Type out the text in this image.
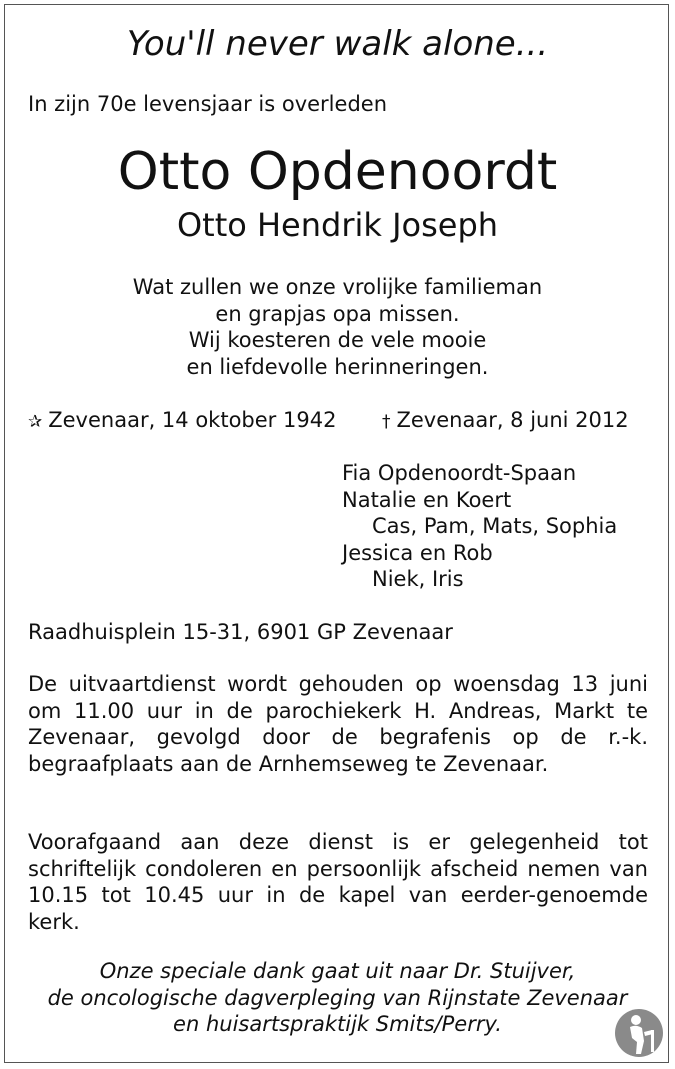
You'll never walk alone...
In zijn 70e levensjaar is overleden
Otto Opdenoordt
Otto Hendrik Joseph
Wat zullen we onze vrolijke familieman
en grapjas opa missen.
Wij koesteren de vele mooie
en liefdevolle herinneringen.
✰ Zevenaar, 14 oktober 1942	† Zevenaar, 8 juni 2012
Fia Opdenoordt-Spaan
Natalie en Koert
Cas, Pam, Mats, Sophia
Jessica en Rob
Niek, Iris
Raadhuisplein 15-31, 6901 GP Zevenaar
De uitvaartdienst wordt gehouden op woensdag 13 juni om 11.00 uur in de parochiekerk H. Andreas, Markt te Zevenaar, gevolgd door de begrafenis op de r.-k. begraafplaats aan de Arnhemseweg te Zevenaar.
Voorafgaand aan deze dienst is er gelegenheid tot schriftelijk condoleren en persoonlijk afscheid nemen van 10.15 tot 10.45 uur in de kapel van eerder-genoemde kerk.
Onze speciale dank gaat uit naar Dr. Stuijver,
de oncologische dagverpleging van Rijnstate Zevenaar
en huisartspraktijk Smits/Perry.
